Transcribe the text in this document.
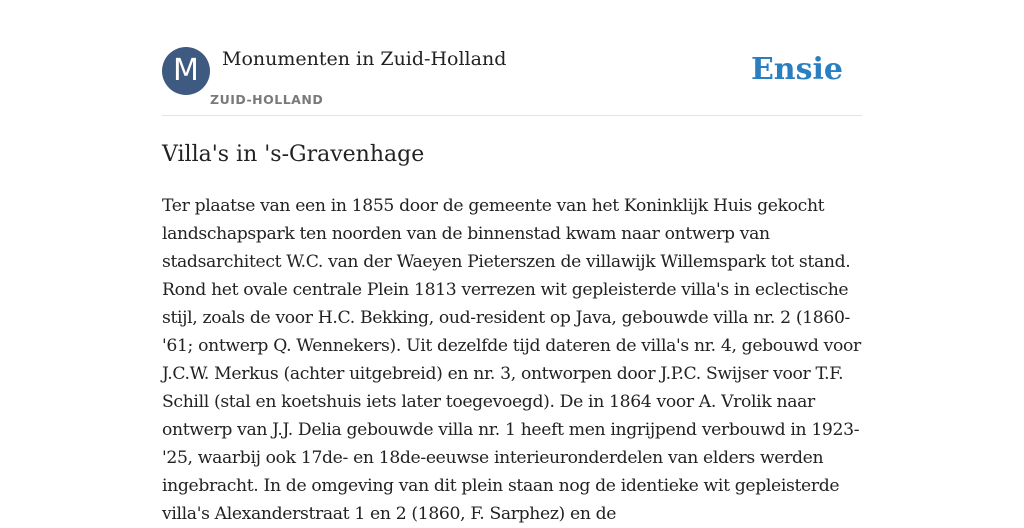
M	Monumenten in Zuid-Holland
ZUID-HOLLAND
Ensie
Villa's in 's-Gravenhage

Ter plaatse van een in 1855 door de gemeente van het Koninklijk Huis gekocht landschapspark ten noorden van de binnenstad kwam naar ontwerp van stadsarchitect W.C. van der Waeyen Pieterszen de villawijk Willemspark tot stand. Rond het ovale centrale Plein 1813 verrezen wit gepleisterde villa's in eclectische stijl, zoals de voor H.C. Bekking, oud-resident op Java, gebouwde villa nr. 2 (1860-'61; ontwerp Q. Wennekers). Uit dezelfde tijd dateren de villa's nr. 4, gebouwd voor J.C.W. Merkus (achter uitgebreid) en nr. 3, ontworpen door J.P.C. Swijser voor T.F. Schill (stal en koetshuis iets later toegevoegd). De in 1864 voor A. Vrolik naar ontwerp van J.J. Delia gebouwde villa nr. 1 heeft men ingrijpend verbouwd in 1923-'25, waarbij ook 17de- en 18de-eeuwse interieuronderdelen van elders werden ingebracht. In de omgeving van dit plein staan nog de identieke wit gepleisterde villa's Alexanderstraat 1 en 2 (1860, F. Sarphez) en de
